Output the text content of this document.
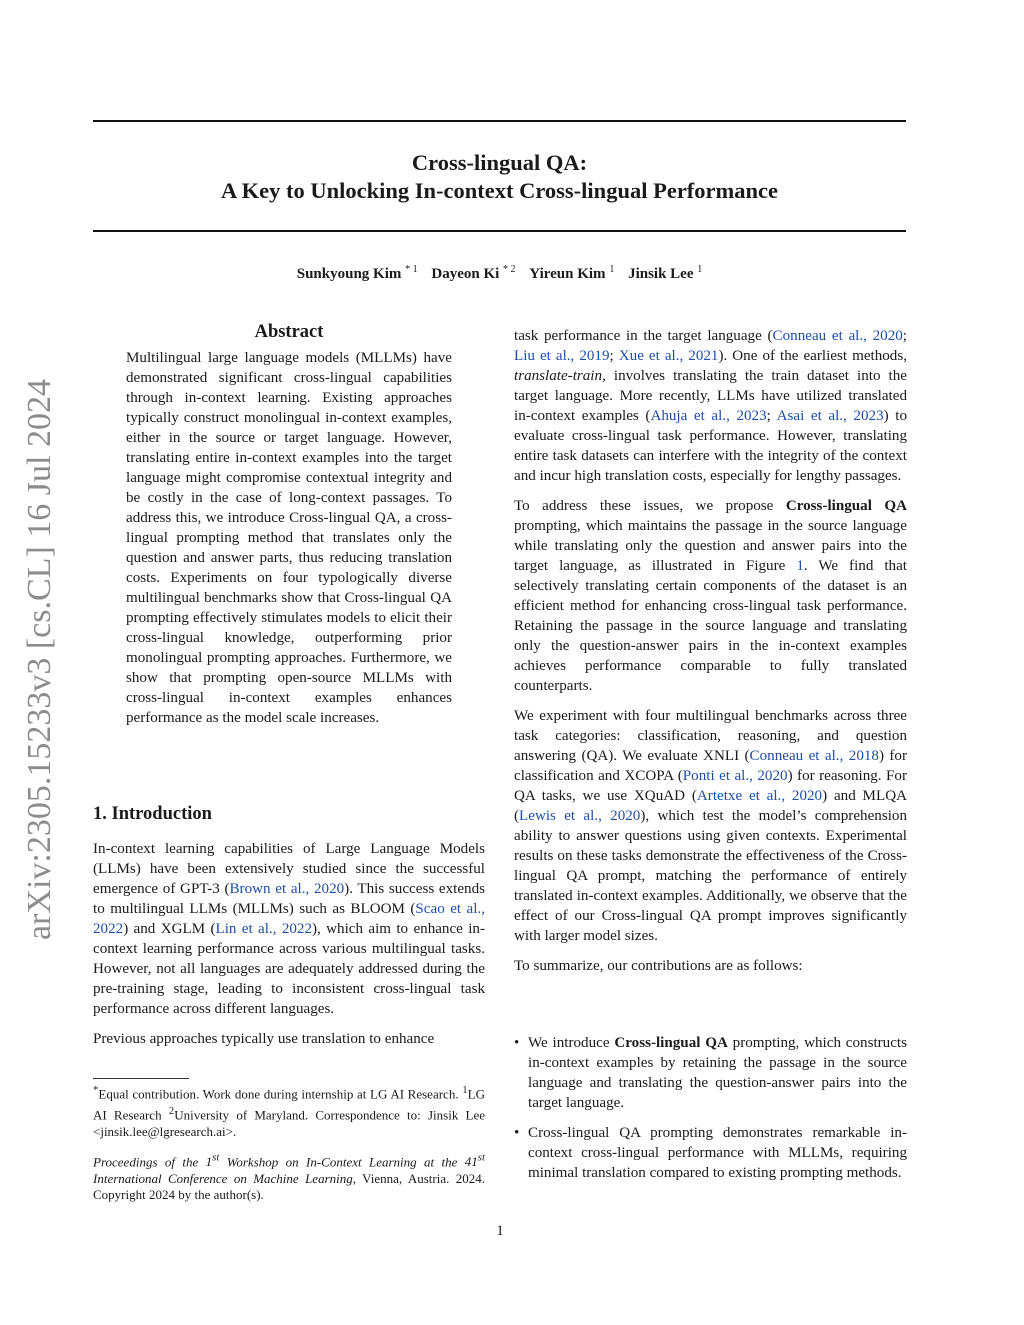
Cross-lingual QA:
A Key to Unlocking In-context Cross-lingual Performance
Sunkyoung Kim $^{* 1}$ Dayeon Ki $^{* 2}$ Yireun Kim $^1$ Jinsik Lee $^1$
arXiv:2305.15233v3 [cs.CL] 16 Jul 2024
Abstract
Multilingual large language models (MLLMs) have demonstrated significant cross-lingual capabilities through in-context learning. Existing approaches typically construct monolingual in-context examples, either in the source or target language. However, translating entire in-context examples into the target language might compromise contextual integrity and be costly in the case of long-context passages. To address this, we introduce Cross-lingual QA, a cross-lingual prompting method that translates only the question and answer parts, thus reducing translation costs. Experiments on four typologically diverse multilingual benchmarks show that Cross-lingual QA prompting effectively stimulates models to elicit their cross-lingual knowledge, outperforming prior monolingual prompting approaches. Furthermore, we show that prompting open-source MLLMs with cross-lingual in-context examples enhances performance as the model scale increases.
1. Introduction

In-context learning capabilities of Large Language Models (LLMs) have been extensively studied since the successful emergence of GPT-3 (Brown et al., 2020). This success extends to multilingual LLMs (MLLMs) such as BLOOM (Scao et al., 2022) and XGLM (Lin et al., 2022), which aim to enhance in-context learning performance across various multilingual tasks. However, not all languages are adequately addressed during the pre-training stage, leading to inconsistent cross-lingual task performance across different languages.

Previous approaches typically use translation to enhance

*Equal contribution. Work done during internship at LG AI Research. $^1$LG AI Research $^2$University of Maryland. Correspondence to: Jinsik Lee <jinsik.lee@lgresearch.ai>.
Proceedings of the 1st Workshop on In-Context Learning at the 41st International Conference on Machine Learning, Vienna, Austria. 2024. Copyright 2024 by the author(s).

task performance in the target language (Conneau et al., 2020; Liu et al., 2019; Xue et al., 2021). One of the earliest methods, translate-train, involves translating the train dataset into the target language. More recently, LLMs have utilized translated in-context examples (Ahuja et al., 2023; Asai et al., 2023) to evaluate cross-lingual task performance. However, translating entire task datasets can interfere with the integrity of the context and incur high translation costs, especially for lengthy passages.

To address these issues, we propose Cross-lingual QA prompting, which maintains the passage in the source language while translating only the question and answer pairs into the target language, as illustrated in Figure 1. We find that selectively translating certain components of the dataset is an efficient method for enhancing cross-lingual task performance. Retaining the passage in the source language and translating only the question-answer pairs in the in-context examples achieves performance comparable to fully translated counterparts.

We experiment with four multilingual benchmarks across three task categories: classification, reasoning, and question answering (QA). We evaluate XNLI (Conneau et al., 2018) for classification and XCOPA (Ponti et al., 2020) for reasoning. For QA tasks, we use XQuAD (Artetxe et al., 2020) and MLQA (Lewis et al., 2020), which test the model’s comprehension ability to answer questions using given contexts. Experimental results on these tasks demonstrate the effectiveness of the Cross-lingual QA prompt, matching the performance of entirely translated in-context examples. Additionally, we observe that the effect of our Cross-lingual QA prompt improves significantly with larger model sizes.

To summarize, our contributions are as follows:

• We introduce Cross-lingual QA prompting, which constructs in-context examples by retaining the passage in the source language and translating the question-answer pairs into the target language.
• Cross-lingual QA prompting demonstrates remarkable in-context cross-lingual performance with MLLMs, requiring minimal translation compared to existing prompting methods.
1
